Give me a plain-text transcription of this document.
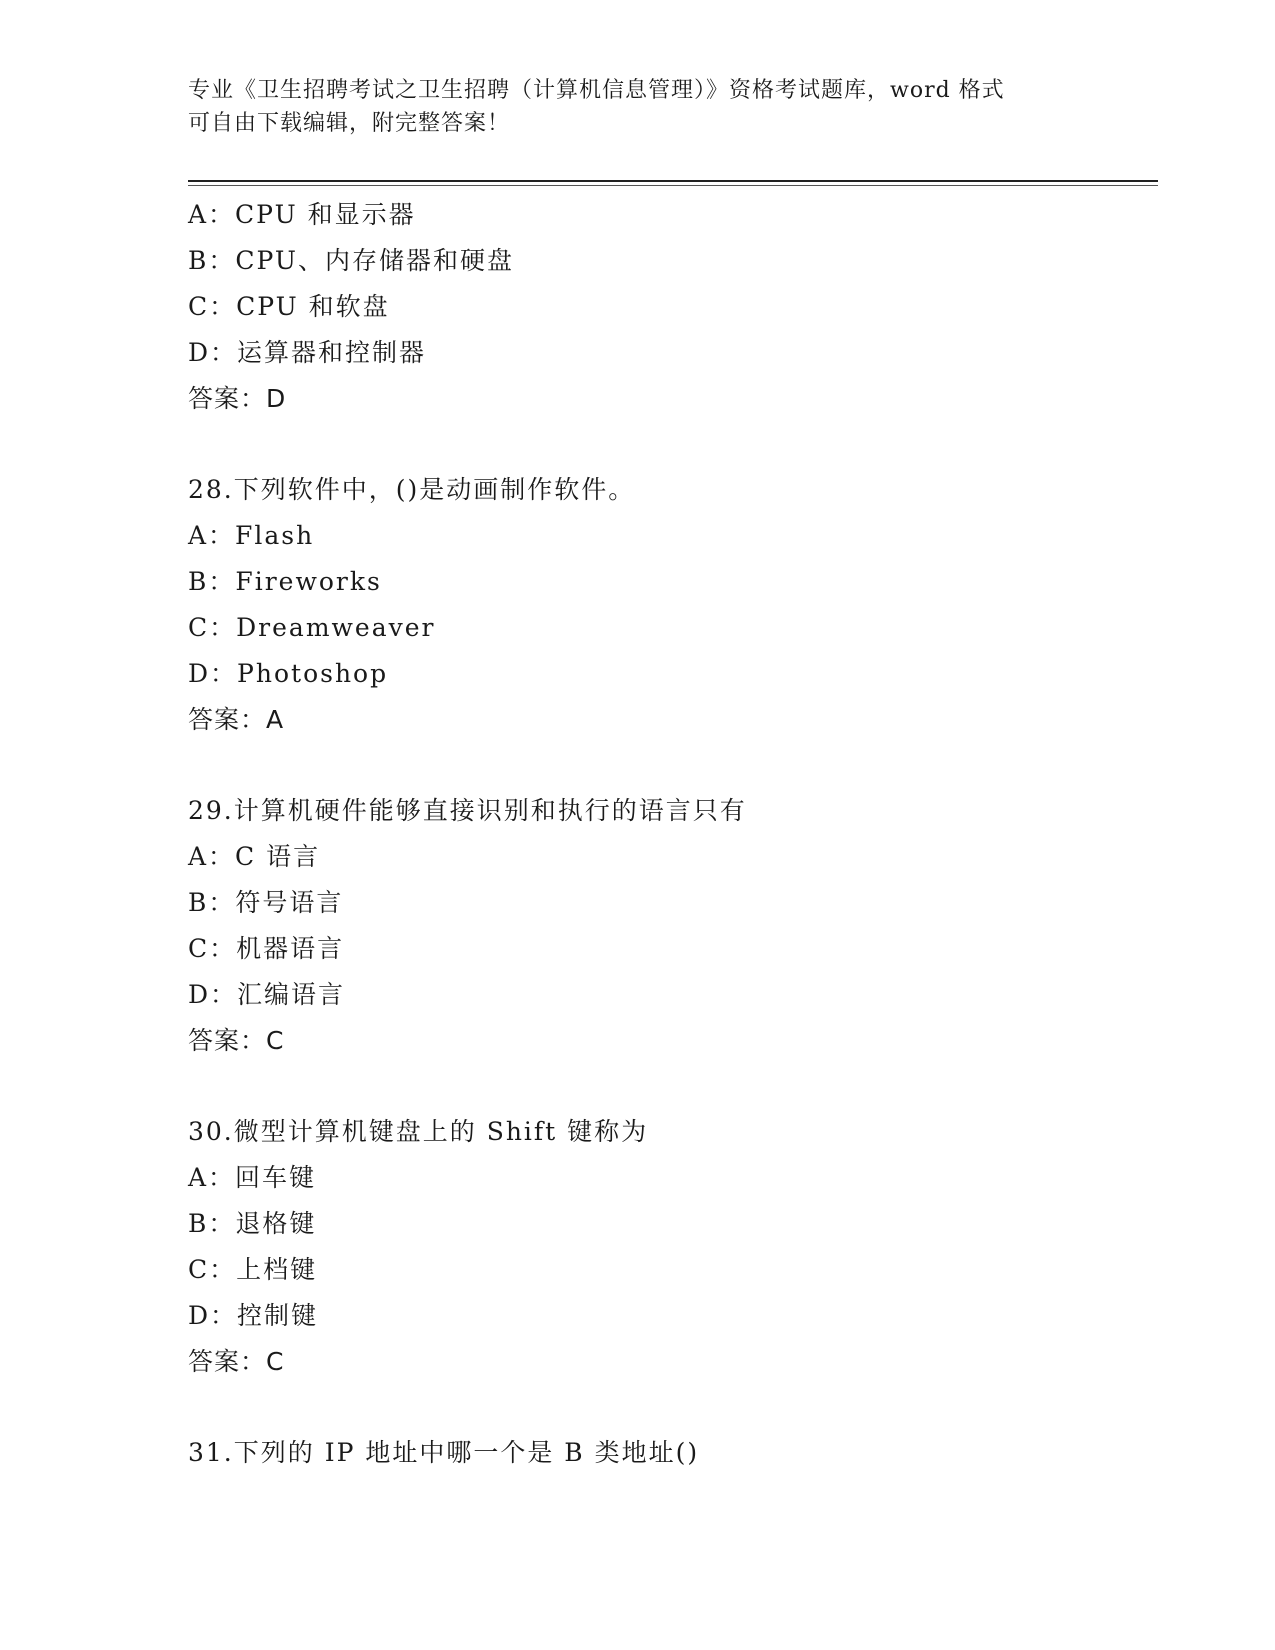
专业《卫生招聘考试之卫生招聘（计算机信息管理）》资格考试题库，word 格式
可自由下载编辑，附完整答案！
A：CPU 和显示器
B：CPU、内存储器和硬盘
C：CPU 和软盘
D：运算器和控制器
答案：D
28.下列软件中，()是动画制作软件。
A：Flash
B：Fireworks
C：Dreamweaver
D：Photoshop
答案：A
29.计算机硬件能够直接识别和执行的语言只有
A：C 语言
B：符号语言
C：机器语言
D：汇编语言
答案：C
30.微型计算机键盘上的 Shift 键称为
A：回车键
B：退格键
C：上档键
D：控制键
答案：C
31.下列的 IP 地址中哪一个是 B 类地址()
